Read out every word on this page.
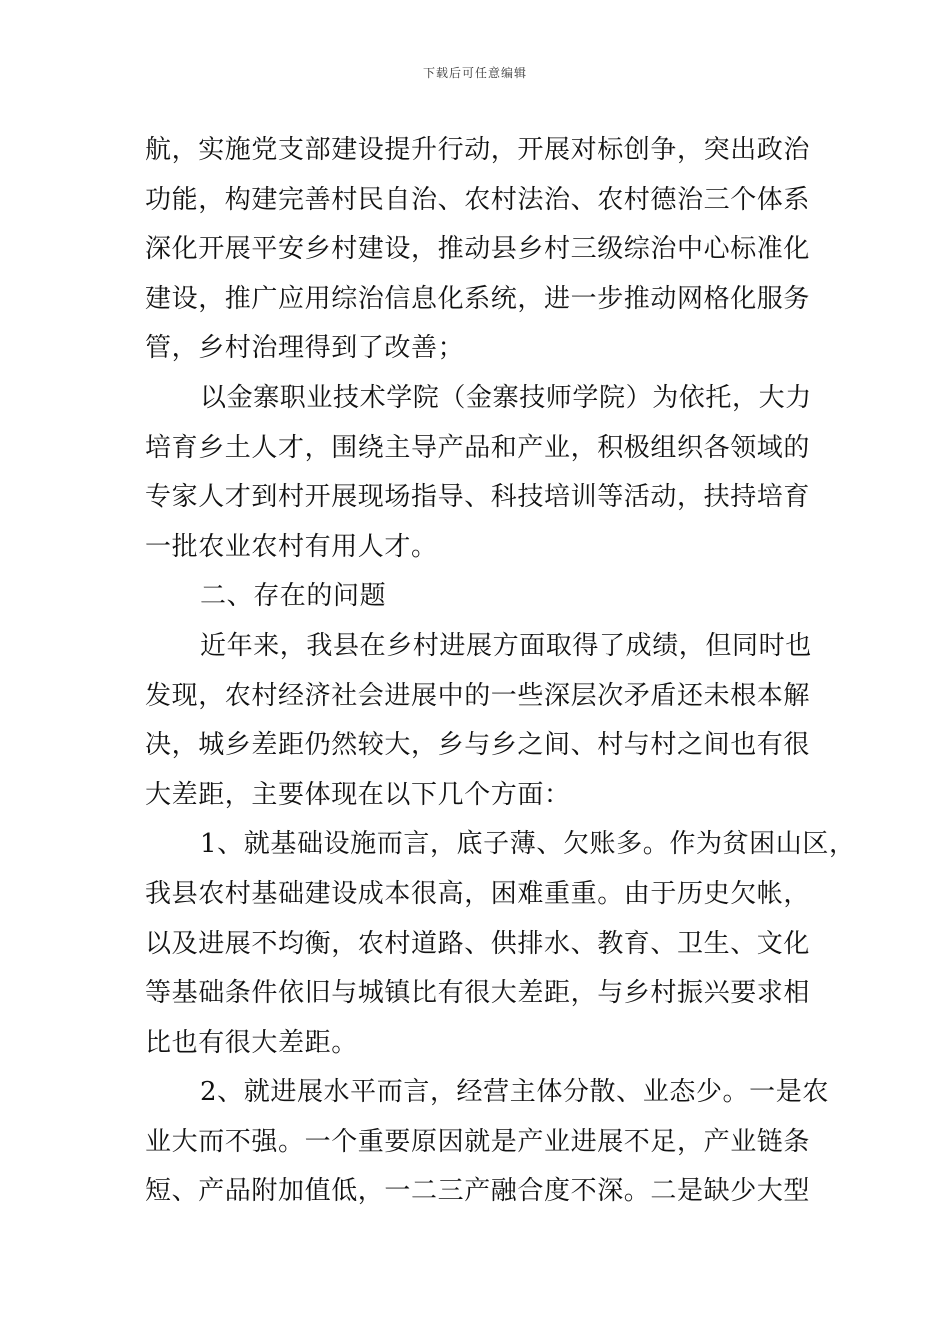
下载后可任意编辑
航，实施党支部建设提升行动，开展对标创争，突出政治
功能，构建完善村民自治、农村法治、农村德治三个体系
深化开展平安乡村建设，推动县乡村三级综治中心标准化
建设，推广应用综治信息化系统，进一步推动网格化服务
管，乡村治理得到了改善；
以金寨职业技术学院（金寨技师学院）为依托，大力
培育乡土人才，围绕主导产品和产业，积极组织各领域的
专家人才到村开展现场指导、科技培训等活动，扶持培育
一批农业农村有用人才。
二、存在的问题
近年来，我县在乡村进展方面取得了成绩，但同时也
发现，农村经济社会进展中的一些深层次矛盾还未根本解
决，城乡差距仍然较大，乡与乡之间、村与村之间也有很
大差距，主要体现在以下几个方面：
1、就基础设施而言，底子薄、欠账多。作为贫困山区，
我县农村基础建设成本很高，困难重重。由于历史欠帐，
以及进展不均衡，农村道路、供排水、教育、卫生、文化
等基础条件依旧与城镇比有很大差距，与乡村振兴要求相
比也有很大差距。
2、就进展水平而言，经营主体分散、业态少。一是农
业大而不强。一个重要原因就是产业进展不足，产业链条
短、产品附加值低，一二三产融合度不深。二是缺少大型
